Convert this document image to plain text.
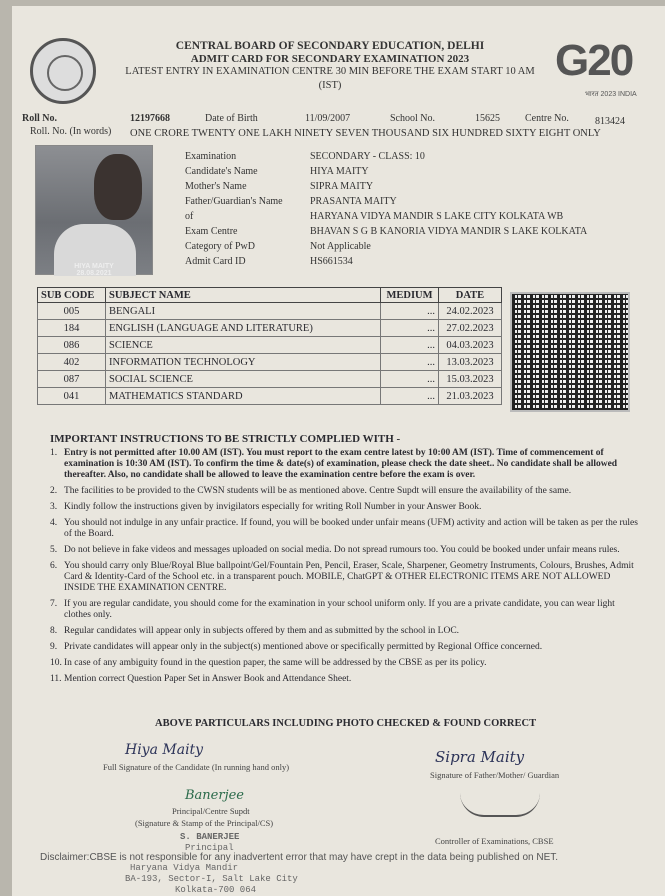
CENTRAL BOARD OF SECONDARY EDUCATION, DELHI
ADMIT CARD FOR SECONDARY EXAMINATION 2023
LATEST ENTRY IN EXAMINATION CENTRE 30 MIN BEFORE THE EXAM START 10 AM
(IST)
G20
भारत 2023 INDIA
Roll No.	12197668	Date of Birth	11/09/2007	School No.	15625	Centre No.	813424
Roll. No. (In words) ONE CRORE TWENTY ONE LAKH NINETY SEVEN THOUSAND SIX HUNDRED SIXTY EIGHT ONLY
HIYA MAITY
28.08.2021
Examination	SECONDARY - CLASS: 10
Candidate's Name	HIYA MAITY
Mother's Name	SIPRA MAITY
Father/Guardian's Name	PRASANTA MAITY
of	HARYANA VIDYA MANDIR S LAKE CITY KOLKATA WB
Exam Centre	BHAVAN S G B KANORIA VIDYA MANDIR S LAKE KOLKATA
Category of PwD	Not Applicable
Admit Card ID	HS661534
SUB CODE	SUBJECT NAME	MEDIUM	DATE
005	BENGALI	...	24.02.2023
184	ENGLISH (LANGUAGE AND LITERATURE)	...	27.02.2023
086	SCIENCE	...	04.03.2023
402	INFORMATION TECHNOLOGY	...	13.03.2023
087	SOCIAL SCIENCE	...	15.03.2023
041	MATHEMATICS STANDARD	...	21.03.2023
IMPORTANT INSTRUCTIONS TO BE STRICTLY COMPLIED WITH -
1. Entry is not permitted after 10.00 AM (IST). You must report to the exam centre latest by 10:00 AM (IST). Time of commencement of examination is 10:30 AM (IST). To confirm the time & date(s) of examination, please check the date sheet.. No candidate shall be allowed thereafter. Also, no candidate shall be allowed to leave the examination centre before the exam is over.
2. The facilities to be provided to the CWSN students will be as mentioned above. Centre Supdt will ensure the availability of the same.
3. Kindly follow the instructions given by invigilators especially for writing Roll Number in your Answer Book.
4. You should not indulge in any unfair practice. If found, you will be booked under unfair means (UFM) activity and action will be taken as per the rules of the Board.
5. Do not believe in fake videos and messages uploaded on social media. Do not spread rumours too. You could be booked under unfair means rules.
6. You should carry only Blue/Royal Blue ballpoint/Gel/Fountain Pen, Pencil, Eraser, Scale, Sharpener, Geometry Instruments, Colours, Brushes, Admit Card & Identity-Card of the School etc. in a transparent pouch. MOBILE, ChatGPT & OTHER ELECTRONIC ITEMS ARE NOT ALLOWED INSIDE THE EXAMINATION CENTRE.
7. If you are regular candidate, you should come for the examination in your school uniform only. If you are a private candidate, you can wear light clothes only.
8. Regular candidates will appear only in subjects offered by them and as submitted by the school in LOC.
9. Private candidates will appear only in the subject(s) mentioned above or specifically permitted by Regional Office concerned.
10. In case of any ambiguity found in the question paper, the same will be addressed by the CBSE as per its policy.
11. Mention correct Question Paper Set in Answer Book and Attendance Sheet.
ABOVE PARTICULARS INCLUDING PHOTO CHECKED & FOUND CORRECT
Hiya Maity
Full Signature of the Candidate (In running hand only)
Sipra Maity
Signature of Father/Mother/ Guardian
Banerjee
Principal/Centre Supdt
(Signature & Stamp of the Principal/CS)
S. BANERJEE
Principal
Controller of Examinations, CBSE
Disclaimer:CBSE is not responsible for any inadvertent error that may have crept in the data being published on NET.
Haryana Vidya Mandir
BA-193, Sector-I, Salt Lake City
Kolkata-700 064
